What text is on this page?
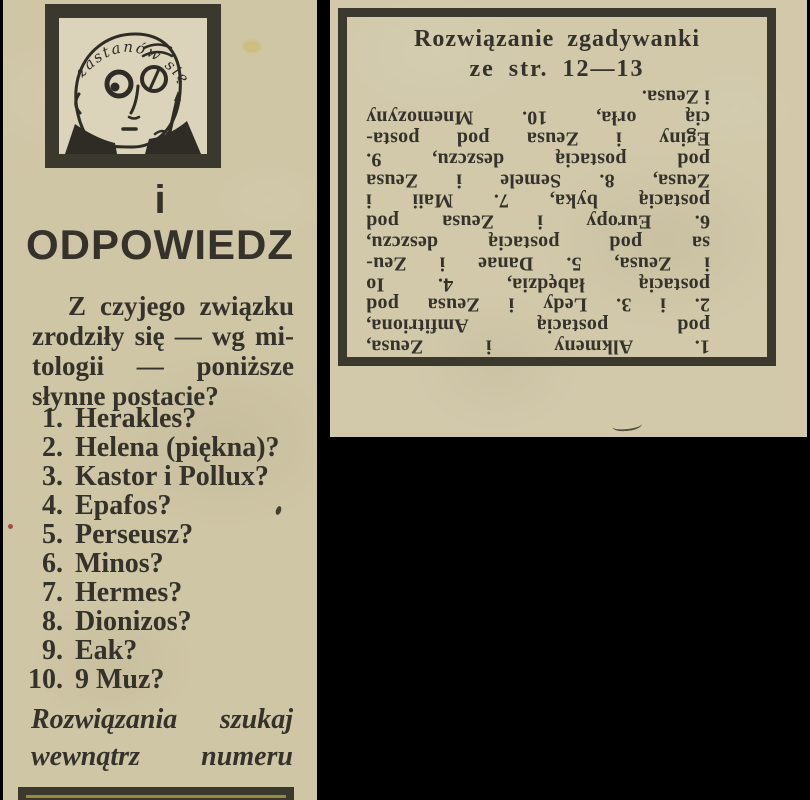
zastanów się
i
ODPOWIEDZ
Z czyjego związku
zrodziły się — wg mi-
tologii — poniższe
słynne postacie?
1. Herakles?
2. Helena (piękna)?
3. Kastor i Pollux?
4. Epafos?
5. Perseusz?
6. Minos?
7. Hermes?
8. Dionizos?
9. Eak?
10. 9 Muz?
Rozwiązania szukaj
wewnątrz numeru
Rozwiązanie zgadywanki
ze str. 12—13
1. Alkmeny i Zeusa,
pod postacią Amfitriona,
2. i 3. Ledy i Zeusa pod
postacią łabędzia, 4. Io
i Zeusa, 5. Danae i Zeu-
sa pod postacią deszczu,
6. Europy i Zeusa pod
postacią byka, 7. Maii i
Zeusa, 8. Semele i Zeusa
pod postacią deszczu, 9.
Eginy i Zeusa pod posta-
cią orła, 10. Mnemozyny
i Zeusa.
